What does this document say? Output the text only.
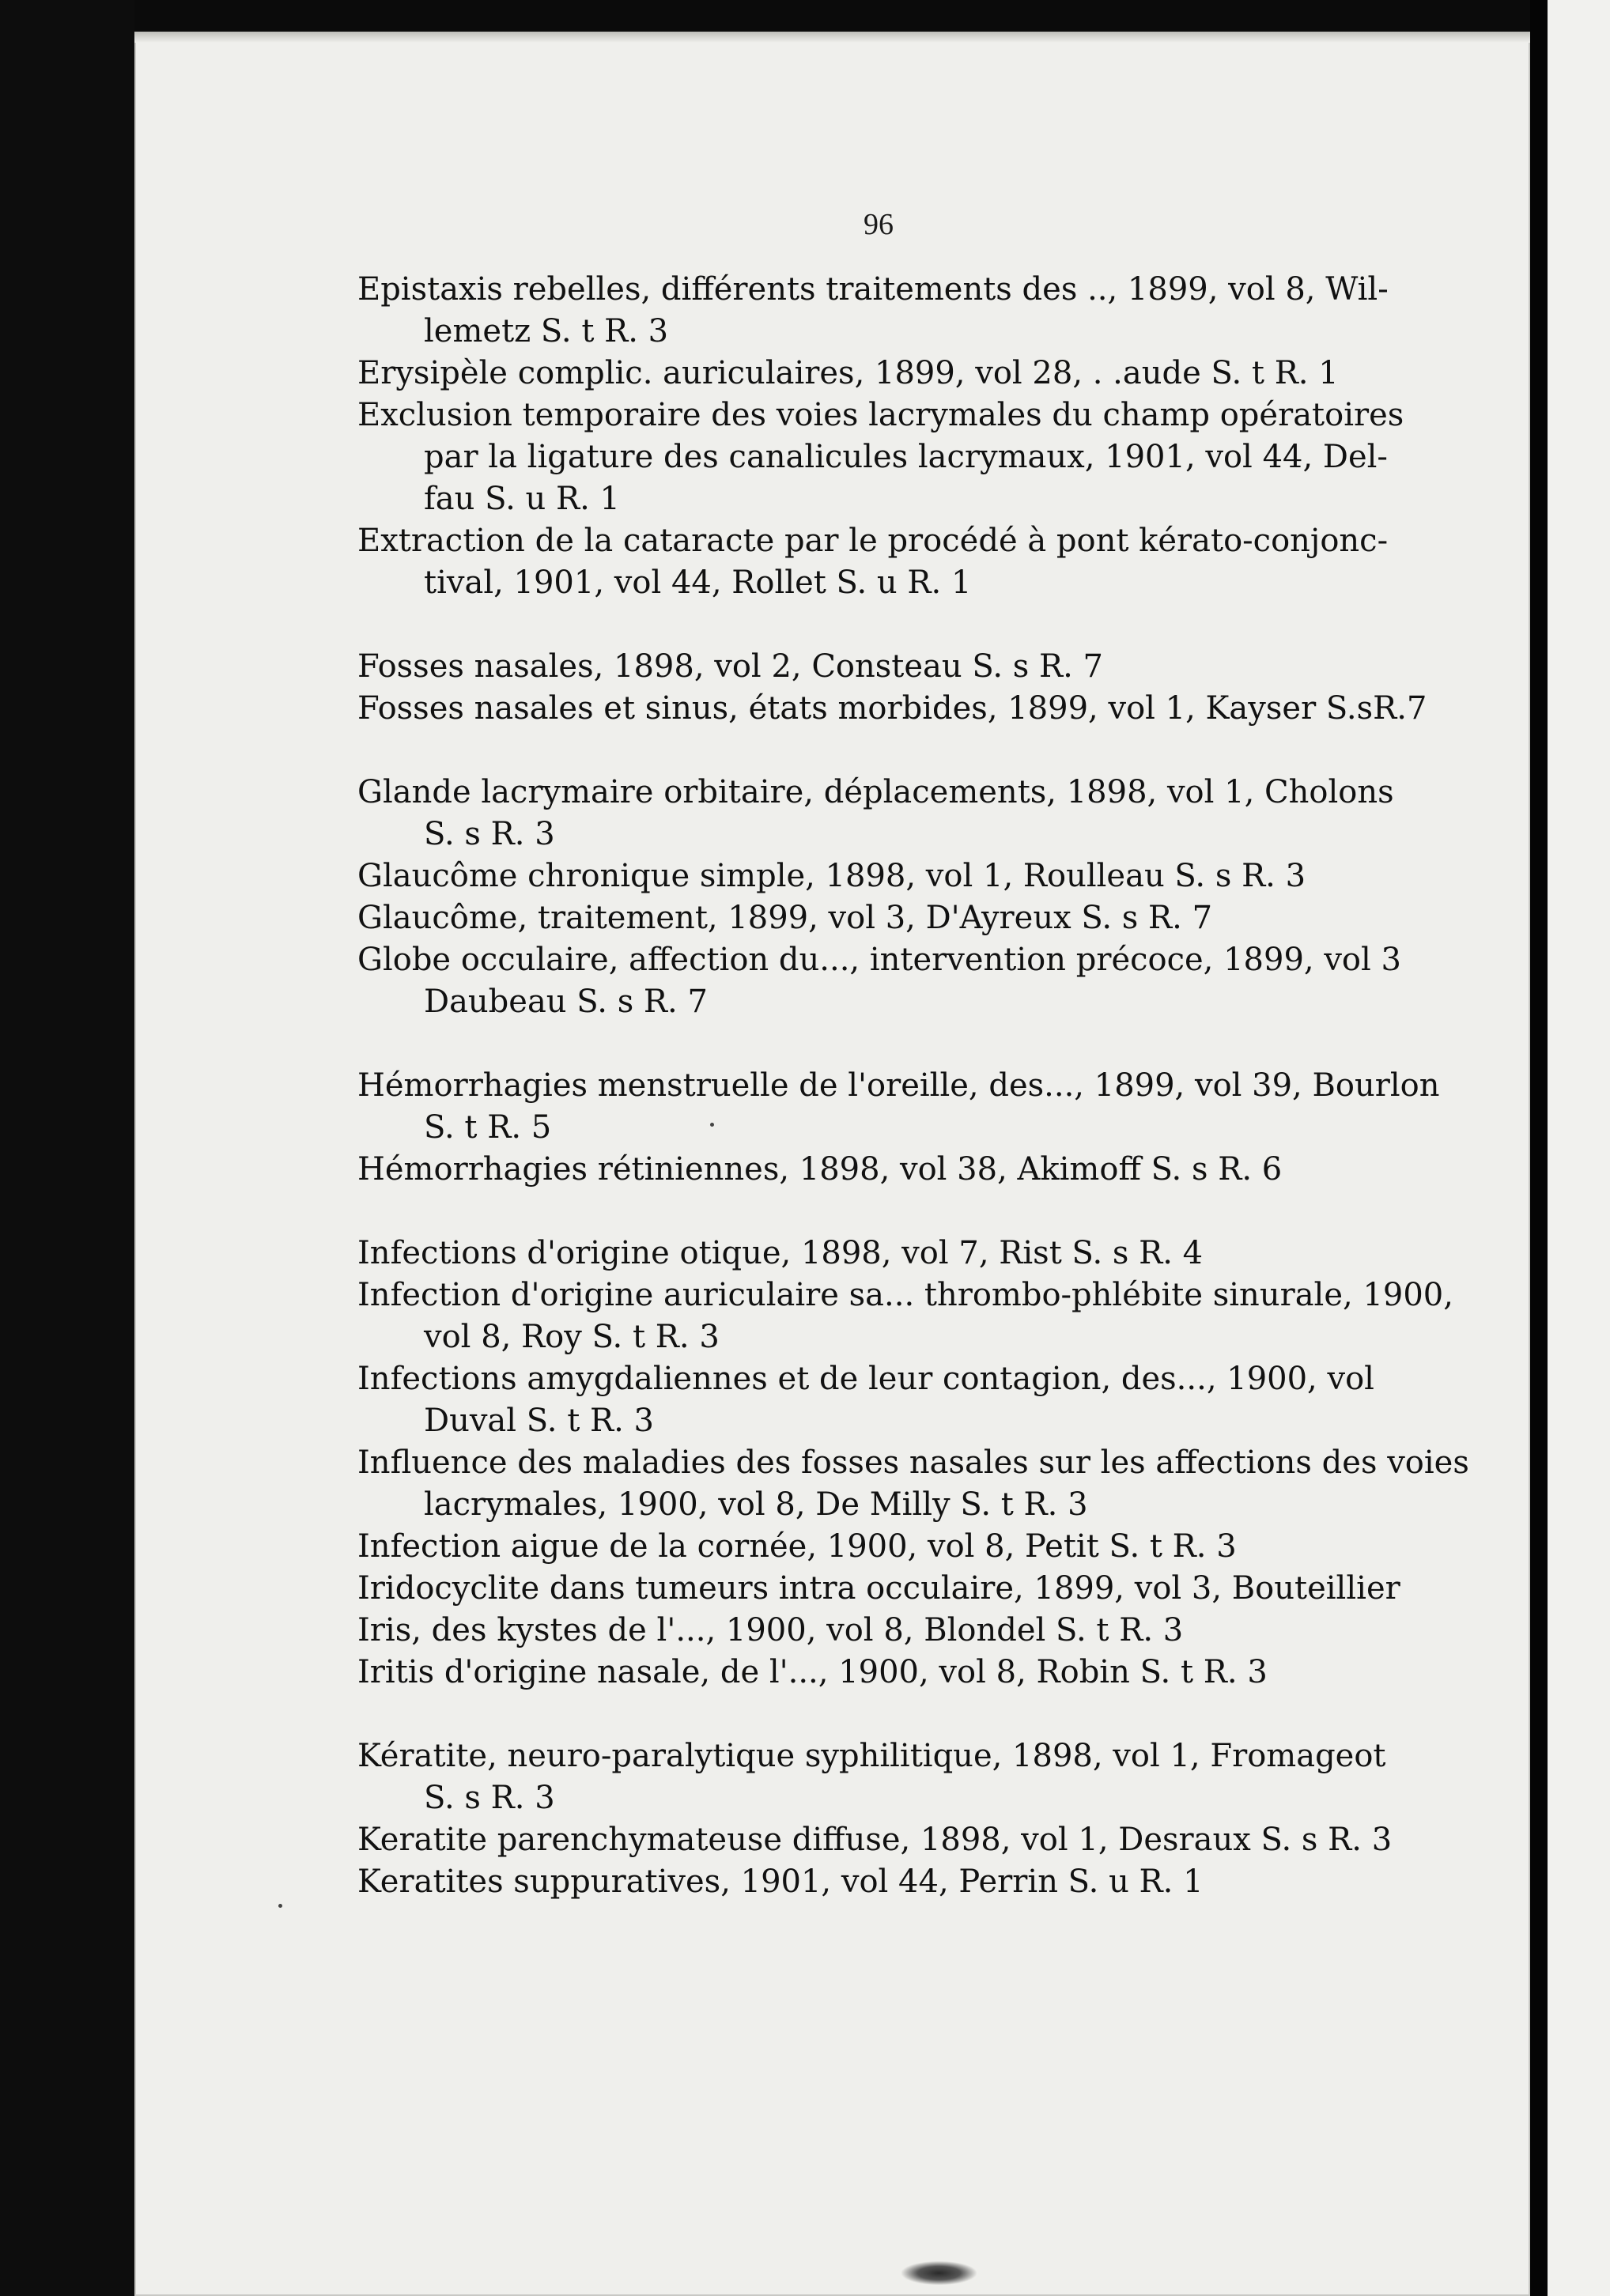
96
Epistaxis rebelles, différents traitements des .., 1899, vol 8, Wil-
lemetz S. t R. 3
Erysipèle complic. auriculaires, 1899, vol 28, . .aude S. t R. 1
Exclusion temporaire des voies lacrymales du champ opératoires
par la ligature des canalicules lacrymaux, 1901, vol 44, Del-
fau S. u R. 1
Extraction de la cataracte par le procédé à pont kérato-conjonc-
tival, 1901, vol 44, Rollet S. u R. 1
Fosses nasales, 1898, vol 2, Consteau S. s R. 7
Fosses nasales et sinus, états morbides, 1899, vol 1, Kayser S.sR.7
Glande lacrymaire orbitaire, déplacements, 1898, vol 1, Cholons
S. s R. 3
Glaucôme chronique simple, 1898, vol 1, Roulleau S. s R. 3
Glaucôme, traitement, 1899, vol 3, D'Ayreux S. s R. 7
Globe occulaire, affection du..., intervention précoce, 1899, vol 3
Daubeau S. s R. 7
Hémorrhagies menstruelle de l'oreille, des..., 1899, vol 39, Bourlon
S. t R. 5
Hémorrhagies rétiniennes, 1898, vol 38, Akimoff S. s R. 6
Infections d'origine otique, 1898, vol 7, Rist S. s R. 4
Infection d'origine auriculaire sa... thrombo-phlébite sinurale, 1900,
vol 8, Roy S. t R. 3
Infections amygdaliennes et de leur contagion, des..., 1900, vol
Duval S. t R. 3
Influence des maladies des fosses nasales sur les affections des voies
lacrymales, 1900, vol 8, De Milly S. t R. 3
Infection aigue de la cornée, 1900, vol 8, Petit S. t R. 3
Iridocyclite dans tumeurs intra occulaire, 1899, vol 3, Bouteillier
Iris, des kystes de l'..., 1900, vol 8, Blondel S. t R. 3
Iritis d'origine nasale, de l'..., 1900, vol 8, Robin S. t R. 3
Kératite, neuro-paralytique syphilitique, 1898, vol 1, Fromageot
S. s R. 3
Keratite parenchymateuse diffuse, 1898, vol 1, Desraux S. s R. 3
Keratites suppuratives, 1901, vol 44, Perrin S. u R. 1
